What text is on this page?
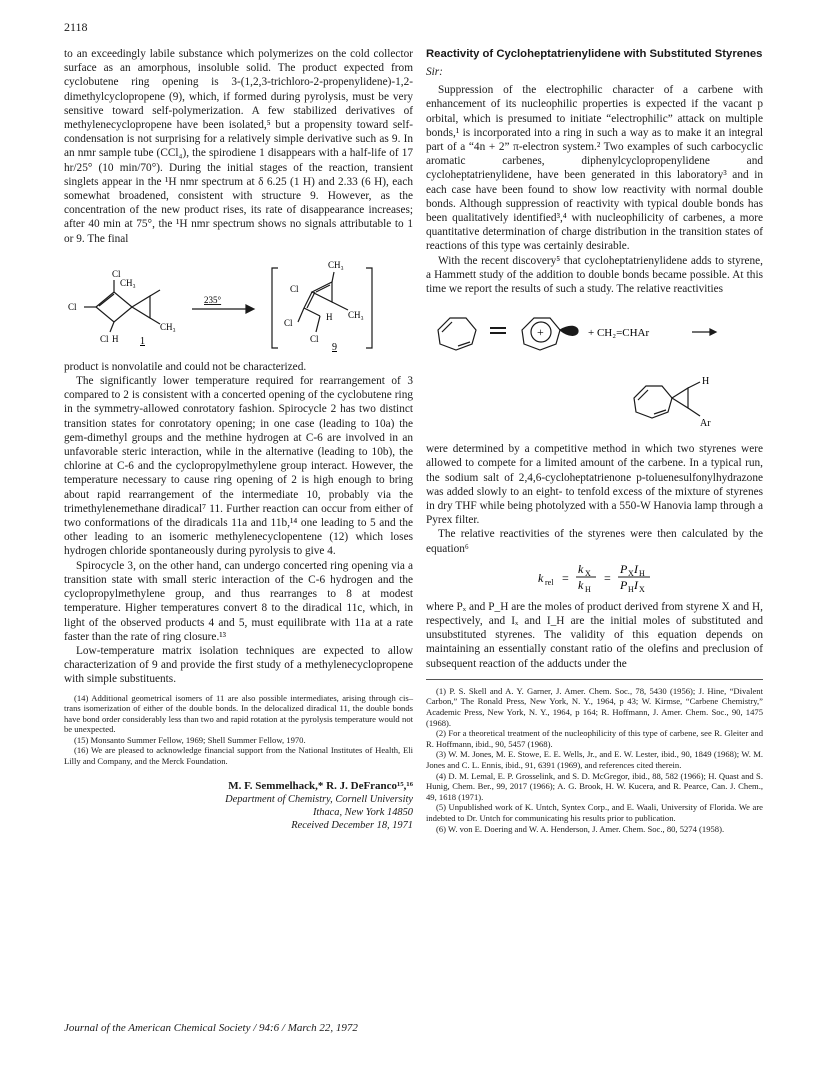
2118

to an exceedingly labile substance which polymerizes on the cold collector surface as an amorphous, insoluble solid. The product expected from cyclobutene ring opening is 3-(1,2,3-trichloro-2-propenylidene)-1,2-dimethylcyclopropene (9), which, if formed during pyrolysis, must be very sensitive toward self-polymerization. A few stabilized derivatives of methylenecyclopropene have been isolated,⁵ but a propensity toward self-condensation is not surprising for a relatively simple derivative such as 9. In an nmr sample tube (CCl₄), the spirodiene 1 disappears with a half-life of 17 hr/25° (10 min/70°). During the initial stages of the reaction, transient singlets appear in the ¹H nmr spectrum at δ 6.25 (1 H) and 2.33 (6 H), each somewhat broadened, consistent with structure 9. However, as the concentration of the new product rises, its rate of disappearance increases; after 40 min at 75°, the ¹H nmr spectrum shows no signals attributable to 1 or 9. The final

Cl
CH₃
Cl
CH₃
Cl H 1
235°
CH₃
Cl
CH₃
Cl
H
Cl
9

product is nonvolatile and could not be characterized.

The significantly lower temperature required for rearrangement of 3 compared to 2 is consistent with a concerted opening of the cyclobutene ring in the symmetry-allowed conrotatory fashion. Spirocycle 2 has two distinct transition states for conrotatory opening; in one case (leading to 10a) the gem-dimethyl groups and the methine hydrogen at C-6 are involved in an unfavorable steric interaction, while in the alternative (leading to 10b), the chlorine at C-6 and the cyclopropylmethylene group interact. However, the temperature necessary to cause ring opening of 2 is high enough to bring about rapid rearrangement of the intermediate 10, probably via the trimethylenemethane diradical⁷ 11. Further reaction can occur from either of two conformations of the diradicals 11a and 11b,¹⁴ one leading to 5 and the other leading to an isomeric methylenecyclopentene (12) which loses hydrogen chloride spontaneously during pyrolysis to give 4.

Spirocycle 3, on the other hand, can undergo concerted ring opening via a transition state with small steric interaction of the C-6 hydrogen and the cyclopropylmethylene group, and thus rearranges to 8 at modest temperature. Higher temperatures convert 8 to the diradical 11c, which, in light of the observed products 4 and 5, must equilibrate with 11a at a rate faster than the rate of ring closure.¹³

Low-temperature matrix isolation techniques are expected to allow characterization of 9 and provide the first study of a methylenecyclopropene with simple substituents.

(14) Additional geometrical isomers of 11 are also possible intermediates, arising through cis–trans isomerization of either of the double bonds. In the delocalized diradical 11, the double bonds have bond order considerably less than two and rapid rotation at the pyrolysis temperature would not be unexpected.

(15) Monsanto Summer Fellow, 1969; Shell Summer Fellow, 1970.

(16) We are pleased to acknowledge financial support from the National Institutes of Health, Eli Lilly and Company, and the Merck Foundation.

M. F. Semmelhack,* R. J. DeFranco¹⁵,¹⁶
Department of Chemistry, Cornell University
Ithaca, New York 14850
Received December 18, 1971
Reactivity of Cycloheptatrienylidene with Substituted Styrenes
Sir:

Suppression of the electrophilic character of a carbene with enhancement of its nucleophilic properties is expected if the vacant p orbital, which is presumed to initiate “electrophilic” attack on multiple bonds,¹ is incorporated into a ring in such a way as to make it an integral part of a “4n + 2” π-electron system.² Two examples of such carbocyclic aromatic carbenes, diphenylcyclopropenylidene and cycloheptatrienylidene, have been generated in this laboratory³ and in each case have been found to show low reactivity with normal double bonds. Although suppression of reactivity with typical double bonds has been qualitatively identified³,⁴ with nucleophilicity of carbenes, a more quantitative determination of charge distribution in the transition states of reactions of this type was certainly desirable.

With the recent discovery⁵ that cycloheptatrienylidene adds to styrene, a Hammett study of the addition to double bonds became possible. At this time we report the results of such a study. The relative reactivities

+	+ CH₂=CHAr
H
Ar

were determined by a competitive method in which two styrenes were allowed to compete for a limited amount of the carbene. In a typical run, the sodium salt of 2,4,6-cycloheptatrienone p-toluenesulfonylhydrazone was added slowly to an eight- to tenfold excess of the mixture of styrenes in dry THF while being photolyzed with a 550-W Hanovia lamp through a Pyrex filter.

The relative reactivities of the styrenes were then calculated by the equation⁶

k rel =
k X
k H
=
P X I H
P H I X

where Pₓ and P_H are the moles of product derived from styrene X and H, respectively, and Iₓ and I_H are the initial moles of substituted and unsubstituted styrenes. The validity of this equation depends on maintaining an essentially constant ratio of the olefins and preclusion of subsequent reaction of the adducts under the

(1) P. S. Skell and A. Y. Garner, J. Amer. Chem. Soc., 78, 5430 (1956); J. Hine, “Divalent Carbon,” The Ronald Press, New York, N. Y., 1964, p 43; W. Kirmse, “Carbene Chemistry,” Academic Press, New York, N. Y., 1964, p 164; R. Hoffmann, J. Amer. Chem. Soc., 90, 1475 (1968).

(2) For a theoretical treatment of the nucleophilicity of this type of carbene, see R. Gleiter and R. Hoffmann, ibid., 90, 5457 (1968).

(3) W. M. Jones, M. E. Stowe, E. E. Wells, Jr., and E. W. Lester, ibid., 90, 1849 (1968); W. M. Jones and C. L. Ennis, ibid., 91, 6391 (1969), and references cited therein.

(4) D. M. Lemal, E. P. Grosselink, and S. D. McGregor, ibid., 88, 582 (1966); H. Quast and S. Hunig, Chem. Ber., 99, 2017 (1966); A. G. Brook, H. W. Kucera, and R. Pearce, Can. J. Chem., 49, 1618 (1971).

(5) Unpublished work of K. Untch, Syntex Corp., and E. Waali, University of Florida. We are indebted to Dr. Untch for communicating his results prior to publication.

(6) W. von E. Doering and W. A. Henderson, J. Amer. Chem. Soc., 80, 5274 (1958).

Journal of the American Chemical Society / 94:6 / March 22, 1972
